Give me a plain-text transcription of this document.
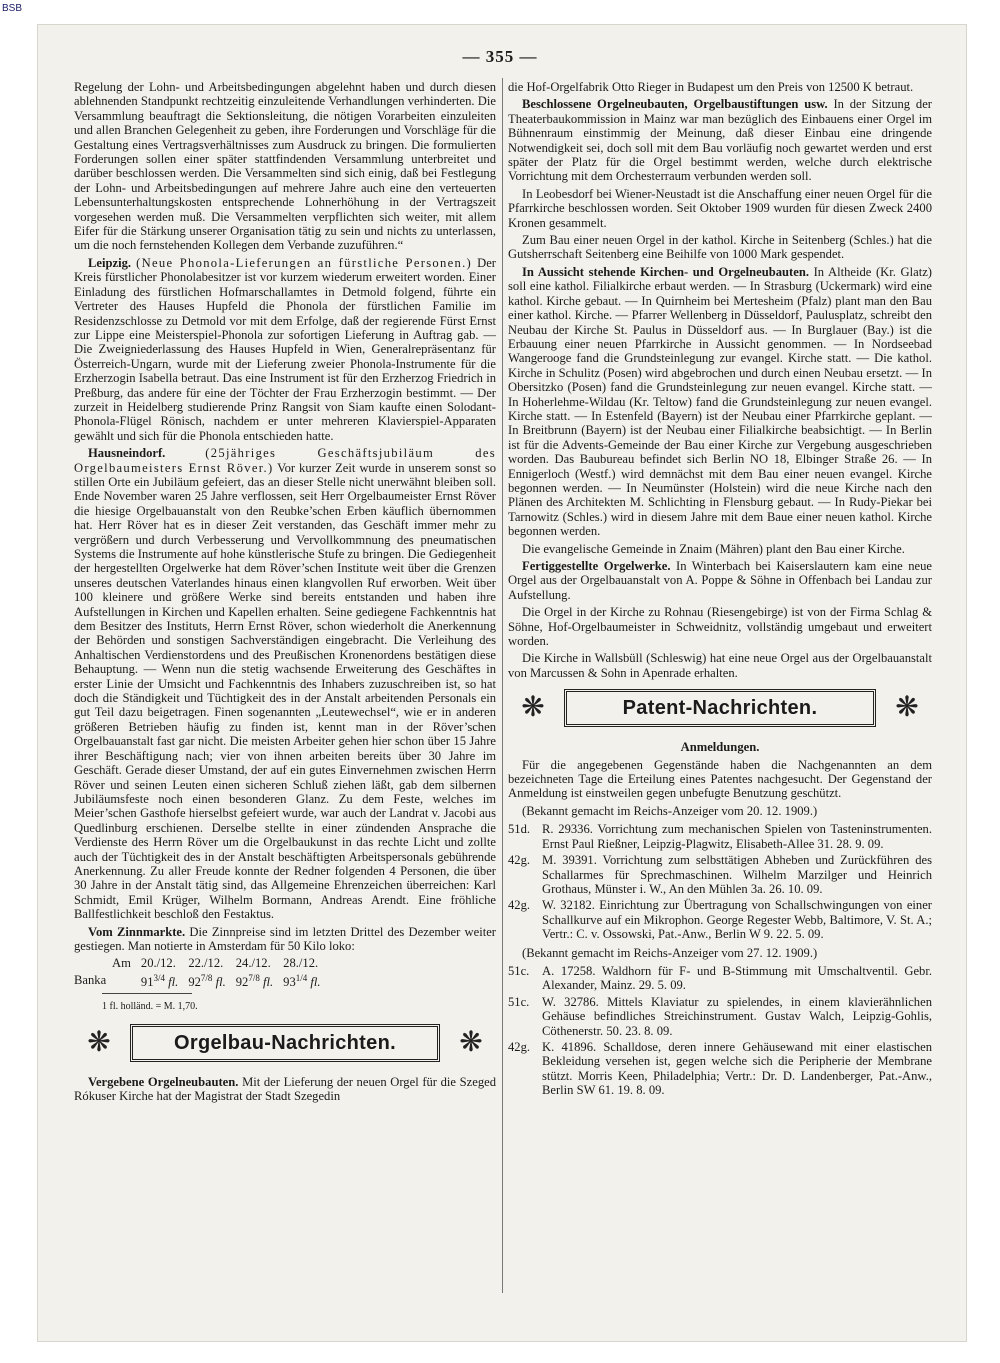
BSB
— 355 —

Regelung der Lohn- und Arbeitsbedingungen abgelehnt haben und durch diesen ablehnenden Standpunkt rechtzeitig einzuleitende Verhandlungen verhinderten. Die Versammlung beauftragt die Sektionsleitung, die nötigen Vorarbeiten einzuleiten und allen Branchen Gelegenheit zu geben, ihre Forderungen und Vorschläge für die Gestaltung eines Vertragsverhältnisses zum Ausdruck zu bringen. Die formulierten Forderungen sollen einer später stattfindenden Versammlung unterbreitet und darüber beschlossen werden. Die Versammelten sind sich einig, daß bei Festlegung der Lohn- und Arbeitsbedingungen auf mehrere Jahre auch eine den verteuerten Lebensunterhaltungskosten entsprechende Lohnerhöhung in der Vertragszeit vorgesehen werden muß. Die Versammelten verpflichten sich weiter, mit allem Eifer für die Stärkung unserer Organisation tätig zu sein und nichts zu unterlassen, um die noch fernstehenden Kollegen dem Verbande zuzuführen.“

Leipzig. (Neue Phonola-Lieferungen an fürstliche Personen.) Der Kreis fürstlicher Phonolabesitzer ist vor kurzem wiederum erweitert worden. Einer Einladung des fürstlichen Hofmarschallamtes in Detmold folgend, führte ein Vertreter des Hauses Hupfeld die Phonola der fürstlichen Familie im Residenzschlosse zu Detmold vor mit dem Erfolge, daß der regierende Fürst Ernst zur Lippe eine Meisterspiel-Phonola zur sofortigen Lieferung in Auftrag gab. — Die Zweigniederlassung des Hauses Hupfeld in Wien, Generalrepräsentanz für Österreich-Ungarn, wurde mit der Lieferung zweier Phonola-Instrumente für die Erzherzogin Isabella betraut. Das eine Instrument ist für den Erzherzog Friedrich in Preßburg, das andere für eine der Töchter der Frau Erzherzogin bestimmt. — Der zurzeit in Heidelberg studierende Prinz Rangsit von Siam kaufte einen Solodant-Phonola-Flügel Rönisch, nachdem er unter mehreren Klavierspiel-Apparaten gewählt und sich für die Phonola entschieden hatte.

Hausneindorf.	(25jähriges Geschäftsjubiläum des Orgelbaumeisters Ernst Röver.) Vor kurzer Zeit wurde in unserem sonst so stillen Orte ein Jubiläum gefeiert, das an dieser Stelle nicht unerwähnt bleiben soll. Ende November waren 25 Jahre verflossen, seit Herr Orgelbaumeister Ernst Röver die hiesige Orgelbauanstalt von den Reubke’schen Erben käuflich übernommen hat. Herr Röver hat es in dieser Zeit verstanden, das Geschäft immer mehr zu vergrößern und durch Verbesserung und Vervollkommnung des pneumatischen Systems die Instrumente auf hohe künstlerische Stufe zu bringen. Die Gediegenheit der hergestellten Orgelwerke hat dem Röver’schen Institute weit über die Grenzen unseres deutschen Vaterlandes hinaus einen klangvollen Ruf erworben. Weit über 100 kleinere und größere Werke sind bereits entstanden und haben ihre Aufstellungen in Kirchen und Kapellen erhalten. Seine gediegene Fachkenntnis hat dem Besitzer des Instituts, Herrn Ernst Röver, schon wiederholt die Anerkennung der Behörden und sonstigen Sachverständigen eingebracht. Die Verleihung des Anhaltischen Verdienstordens und des Preußischen Kronenordens bestätigen diese Behauptung. — Wenn nun die stetig wachsende Erweiterung des Geschäftes in erster Linie der Umsicht und Fachkenntnis des Inhabers zuzuschreiben ist, so hat doch die Ständigkeit und Tüchtigkeit des in der Anstalt arbeitenden Personals ein gut Teil dazu beigetragen. Finen sogenannten „Leutewechsel“, wie er in anderen größeren Betrieben häufig zu finden ist, kennt man in der Röver’schen Orgelbauanstalt fast gar nicht. Die meisten Arbeiter gehen hier schon über 15 Jahre ihrer Beschäftigung nach; vier von ihnen arbeiten bereits über 30 Jahre im Geschäft. Gerade dieser Umstand, der auf ein gutes Einvernehmen zwischen Herrn Röver und seinen Leuten einen sicheren Schluß ziehen läßt, gab dem silbernen Jubiläumsfeste noch einen besonderen Glanz. Zu dem Feste, welches im Meier’schen Gasthofe hierselbst gefeiert wurde, war auch der Landrat v. Jacobi aus Quedlinburg erschienen. Derselbe stellte in einer zündenden Ansprache die Verdienste des Herrn Röver um die Orgelbaukunst in das rechte Licht und zollte auch der Tüchtigkeit des in der Anstalt beschäftigten Arbeitspersonals gebührende Anerkennung. Zu aller Freude konnte der Redner folgenden 4 Personen, die über 30 Jahre in der Anstalt tätig sind, das Allgemeine Ehrenzeichen überreichen: Karl Schmidt, Emil Krüger, Wilhelm Bormann, Andreas Arendt. Eine fröhliche Ballfestlichkeit beschloß den Festaktus.

Vom Zinnmarkte. Die Zinnpreise sind im letzten Drittel des Dezember weiter gestiegen. Man notierte in Amsterdam für 50 Kilo loko:

Am	20./12.	22./12.	24./12.	28./12.
Banka	$91^{3/4}$ fl.	$92^{7/8}$ fl.	$92^{7/8}$ fl.	$93^{1/4}$ fl.
1 fl. holländ. = M. 1,70.
❋	Orgelbau-Nachrichten.	❋

Vergebene Orgelneubauten. Mit der Lieferung der neuen Orgel für die Szeged Rókuser Kirche hat der Magistrat der Stadt Szegedin

die Hof-Orgelfabrik Otto Rieger in Budapest um den Preis von 12500 K betraut.

Beschlossene Orgelneubauten, Orgelbaustiftungen usw. In der Sitzung der Theaterbaukommission in Mainz war man bezüglich des Einbauens einer Orgel im Bühnenraum einstimmig der Meinung, daß dieser Einbau eine dringende Notwendigkeit sei, doch soll mit dem Bau vorläufig noch gewartet werden und erst später der Platz für die Orgel bestimmt werden, welche durch elektrische Vorrichtung mit dem Orchesterraum verbunden werden soll.

In Leobesdorf bei Wiener-Neustadt ist die Anschaffung einer neuen Orgel für die Pfarrkirche beschlossen worden. Seit Oktober 1909 wurden für diesen Zweck 2400 Kronen gesammelt.

Zum Bau einer neuen Orgel in der kathol. Kirche in Seitenberg (Schles.) hat die Gutsherrschaft Seitenberg eine Beihilfe von 1000 Mark gespendet.

In Aussicht stehende Kirchen- und Orgelneubauten. In Altheide (Kr. Glatz) soll eine kathol. Filialkirche erbaut werden. — In Strasburg (Uckermark) wird eine kathol. Kirche gebaut. — In Quirnheim bei Mertesheim (Pfalz) plant man den Bau einer kathol. Kirche. — Pfarrer Wellenberg in Düsseldorf, Paulusplatz, schreibt den Neubau der Kirche St. Paulus in Düsseldorf aus. — In Burglauer (Bay.) ist die Erbauung einer neuen Pfarrkirche in Aussicht genommen. — In Nordseebad Wangerooge fand die Grundsteinlegung zur evangel. Kirche statt. — Die kathol. Kirche in Schulitz (Posen) wird abgebrochen und durch einen Neubau ersetzt. — In Obersitzko (Posen) fand die Grundsteinlegung zur neuen evangel. Kirche statt. — In Hoherlehme-Wildau (Kr. Teltow) fand die Grundsteinlegung zur neuen evangel. Kirche statt. — In Estenfeld (Bayern) ist der Neubau einer Pfarrkirche geplant. — In Breitbrunn (Bayern) ist der Neubau einer Filialkirche beabsichtigt. — In Berlin ist für die Advents-Gemeinde der Bau einer Kirche zur Vergebung ausgeschrieben worden. Das Baubureau befindet sich Berlin NO 18, Elbinger Straße 26. — In Ennigerloch (Westf.) wird demnächst mit dem Bau einer neuen evangel. Kirche begonnen werden. — In Neumünster (Holstein) wird die neue Kirche nach den Plänen des Architekten M. Schlichting in Flensburg gebaut. — In Rudy-Piekar bei Tarnowitz (Schles.) wird in diesem Jahre mit dem Baue einer neuen kathol. Kirche begonnen werden.

Die evangelische Gemeinde in Znaim (Mähren) plant den Bau einer Kirche.

Fertiggestellte Orgelwerke. In Winterbach bei Kaiserslautern kam eine neue Orgel aus der Orgelbauanstalt von A. Poppe & Söhne in Offenbach bei Landau zur Aufstellung.

Die Orgel in der Kirche zu Rohnau (Riesengebirge) ist von der Firma Schlag & Söhne, Hof-Orgelbaumeister in Schweidnitz, vollständig umgebaut und erweitert worden.

Die Kirche in Wallsbüll (Schleswig) hat eine neue Orgel aus der Orgelbauanstalt von Marcussen & Sohn in Apenrade erhalten.

❋	Patent-Nachrichten.	❋
Anmeldungen.

Für die angegebenen Gegenstände haben die Nachgenannten an dem bezeichneten Tage die Erteilung eines Patentes nachgesucht. Der Gegenstand der Anmeldung ist einstweilen gegen unbefugte Benutzung geschützt.

(Bekannt gemacht im Reichs-Anzeiger vom 20. 12. 1909.)

51d. R. 29336. Vorrichtung zum mechanischen Spielen von Tasteninstrumenten. Ernst Paul Rießner, Leipzig-Plagwitz, Elisabeth-Allee 31. 28. 9. 09.
42g. M. 39391. Vorrichtung zum selbsttätigen Abheben und Zurückführen des Schallarmes für Sprechmaschinen. Wilhelm Marzilger und Heinrich Grothaus, Münster i. W., An den Mühlen 3a. 26. 10. 09.
42g. W. 32182. Einrichtung zur Übertragung von Schallschwingungen von einer Schallkurve auf ein Mikrophon. George Regester Webb, Baltimore, V. St. A.; Vertr.: C. v. Ossowski, Pat.-Anw., Berlin W 9. 22. 5. 09.

(Bekannt gemacht im Reichs-Anzeiger vom 27. 12. 1909.)

51c.	A. 17258. Waldhorn für F- und B-Stimmung mit Umschaltventil. Gebr. Alexander, Mainz. 29. 5. 09.
51c.	W. 32786. Mittels Klaviatur zu spielendes, in einem klavierähnlichen Gehäuse befindliches Streichinstrument. Gustav Walch, Leipzig-Gohlis, Cöthenerstr. 50. 23. 8. 09.
42g. K. 41896. Schalldose, deren innere Gehäusewand mit einer elastischen Bekleidung versehen ist, gegen welche sich die Peripherie der Membrane stützt. Morris Keen, Philadelphia; Vertr.: Dr. D. Landenberger, Pat.-Anw., Berlin SW 61. 19. 8. 09.
